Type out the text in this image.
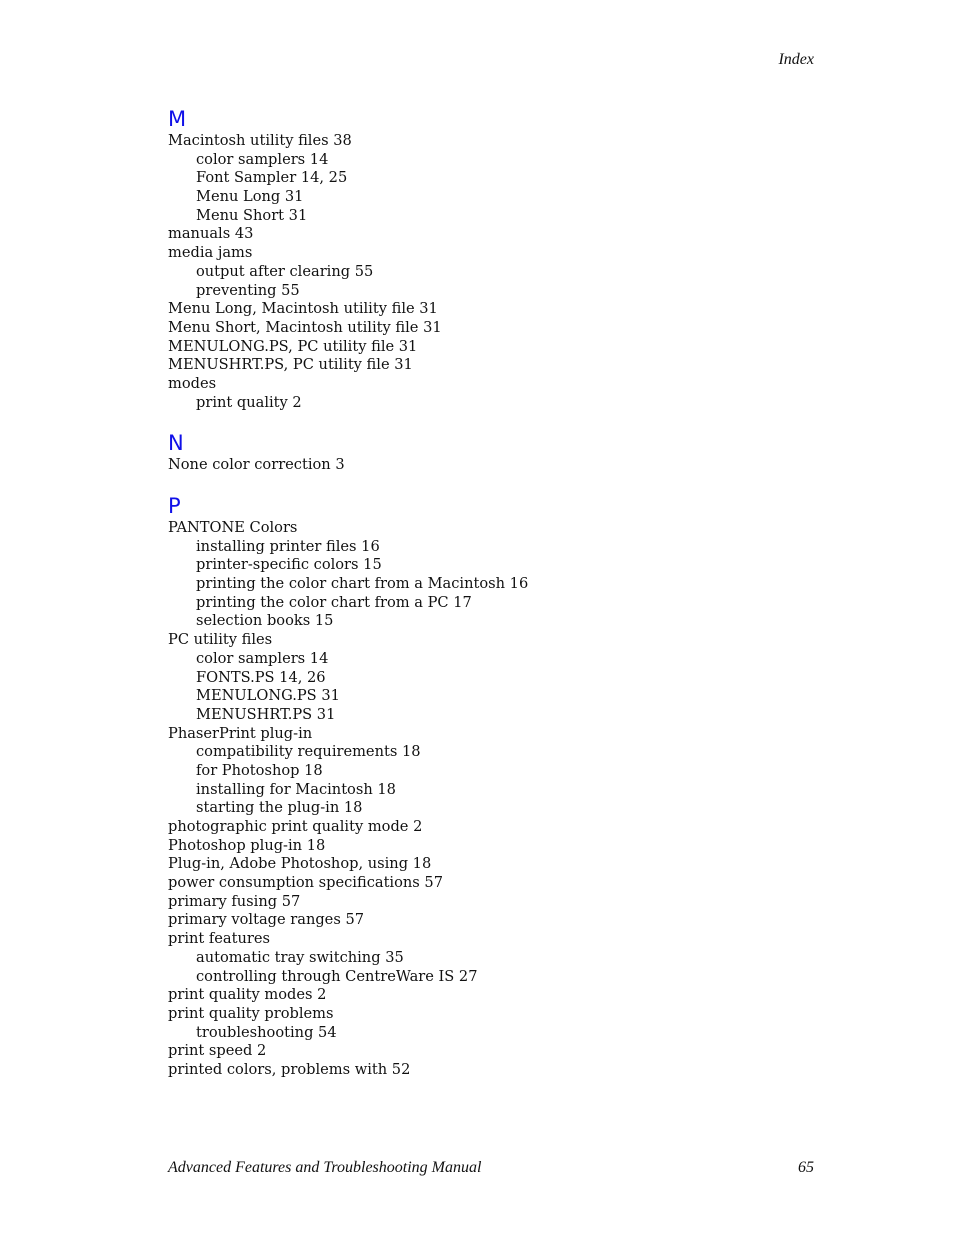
Index
M
Macintosh utility files 38
color samplers 14
Font Sampler 14, 25
Menu Long 31
Menu Short 31
manuals 43
media jams
output after clearing 55
preventing 55
Menu Long, Macintosh utility file 31
Menu Short, Macintosh utility file 31
MENULONG.PS, PC utility file 31
MENUSHRT.PS, PC utility file 31
modes
print quality 2
N
None color correction 3
P
PANTONE Colors
installing printer files 16
printer-specific colors 15
printing the color chart from a Macintosh 16
printing the color chart from a PC 17
selection books 15
PC utility files
color samplers 14
FONTS.PS 14, 26
MENULONG.PS 31
MENUSHRT.PS 31
PhaserPrint plug-in
compatibility requirements 18
for Photoshop 18
installing for Macintosh 18
starting the plug-in 18
photographic print quality mode 2
Photoshop plug-in 18
Plug-in, Adobe Photoshop, using 18
power consumption specifications 57
primary fusing 57
primary voltage ranges 57
print features
automatic tray switching 35
controlling through CentreWare IS 27
print quality modes 2
print quality problems
troubleshooting 54
print speed 2
printed colors, problems with 52
Advanced Features and Troubleshooting Manual	65
